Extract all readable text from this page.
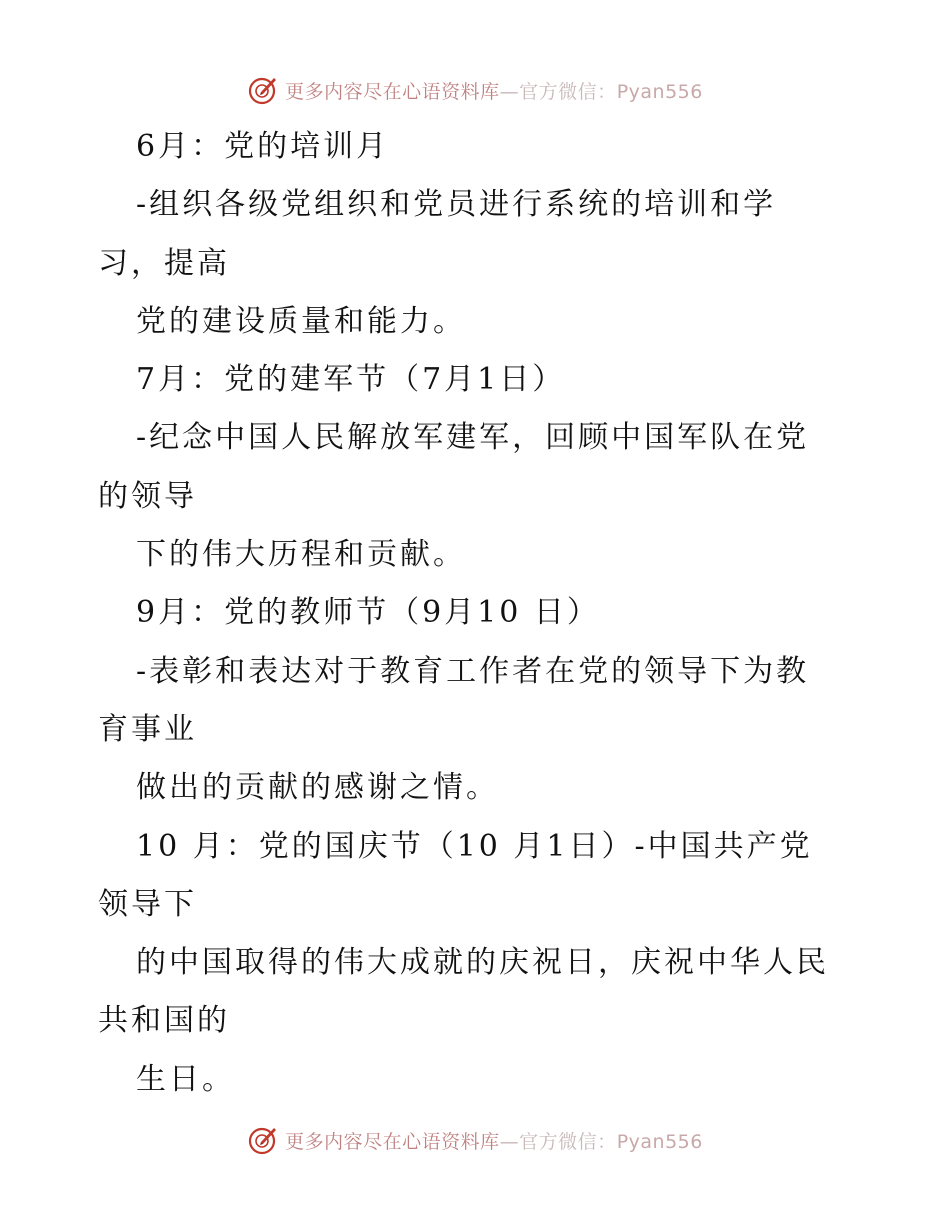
更多内容尽在心语资料库—官方微信：Pyan556
6月：党的培训月
-组织各级党组织和党员进行系统的培训和学
习，提高
党的建设质量和能力。
7月：党的建军节（7月1日）
-纪念中国人民解放军建军，回顾中国军队在党
的领导
下的伟大历程和贡献。
9月：党的教师节（9月10 日）
-表彰和表达对于教育工作者在党的领导下为教
育事业
做出的贡献的感谢之情。
10 月：党的国庆节（10 月1日）-中国共产党
领导下
的中国取得的伟大成就的庆祝日，庆祝中华人民
共和国的
生日。
更多内容尽在心语资料库—官方微信：Pyan556
